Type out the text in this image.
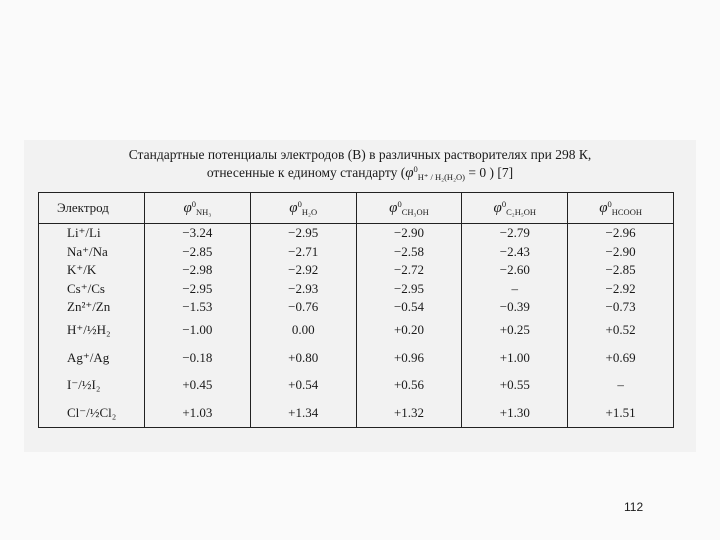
Стандартные потенциалы электродов (В) в различных растворителях при 298 К,
отнесенные к единому стандарту ($\varphi^0_{H^+ / H_2(H_2O)} = 0$ ) [7]
Электрод	$\varphi^0_{NH_3}$	$\varphi^0_{H_2O}$	$\varphi^0_{CH_3OH}$	$\varphi^0_{C_2H_5OH}$	$\varphi^0_{HCOOH}$
Li⁺/Li	−3.24	−2.95	−2.90	−2.79	−2.96
Na⁺/Na	−2.85	−2.71	−2.58	−2.43	−2.90
K⁺/K	−2.98	−2.92	−2.72	−2.60	−2.85
Cs⁺/Cs	−2.95	−2.93	−2.95	–	−2.92
Zn²⁺/Zn	−1.53	−0.76	−0.54	−0.39	−0.73
H⁺/½H₂	−1.00	0.00	+0.20	+0.25	+0.52
Ag⁺/Ag	−0.18	+0.80	+0.96	+1.00	+0.69
I⁻/½I₂	+0.45	+0.54	+0.56	+0.55	–
Cl⁻/½Cl₂	+1.03	+1.34	+1.32	+1.30	+1.51
112
